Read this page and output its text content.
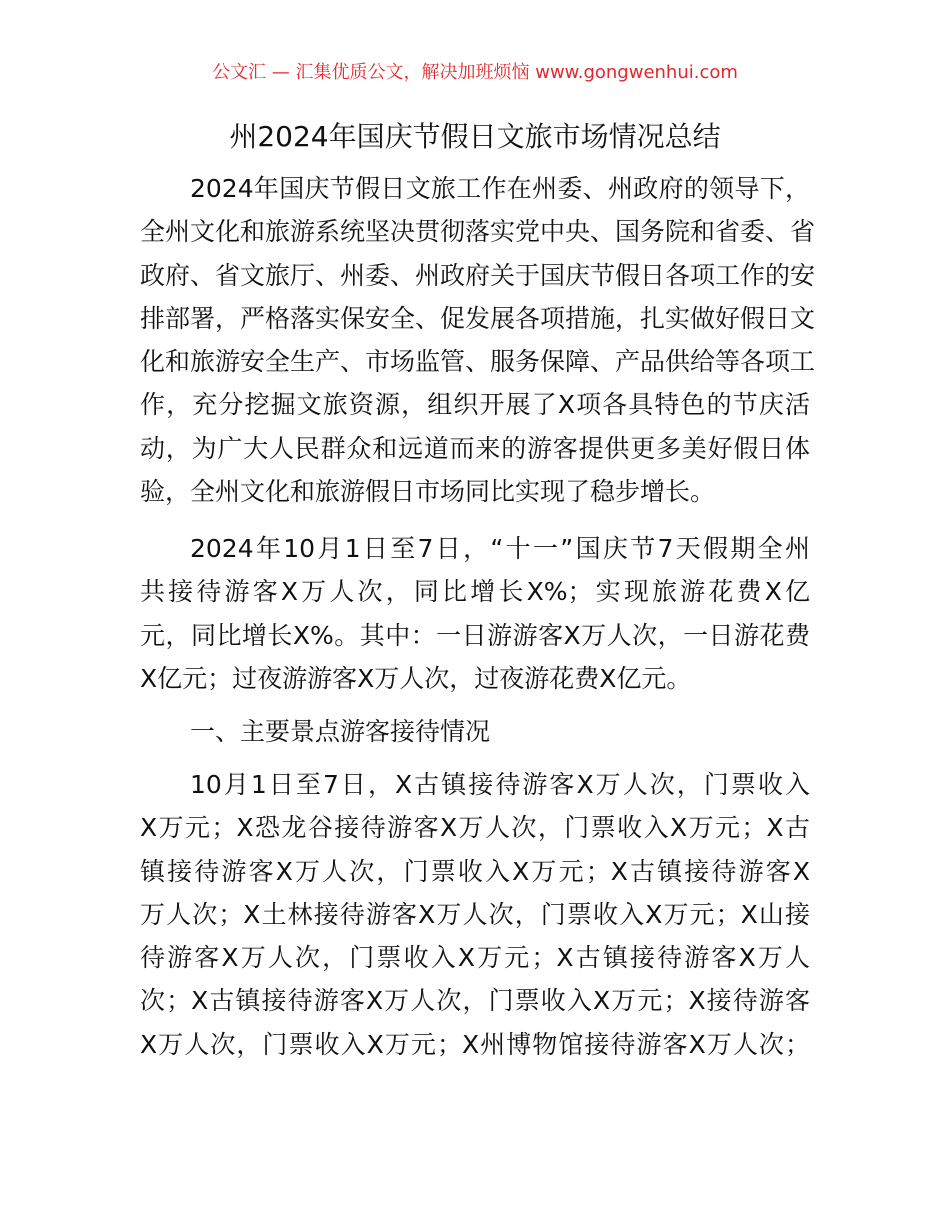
公文汇 — 汇集优质公文，解决加班烦恼 www.gongwenhui.com
州2024年国庆节假日文旅市场情况总结
2024年国庆节假日文旅工作在州委、州政府的领导下，
全州文化和旅游系统坚决贯彻落实党中央、国务院和省委、省
政府、省文旅厅、州委、州政府关于国庆节假日各项工作的安
排部署，严格落实保安全、促发展各项措施，扎实做好假日文
化和旅游安全生产、市场监管、服务保障、产品供给等各项工
作，充分挖掘文旅资源，组织开展了X项各具特色的节庆活
动，为广大人民群众和远道而来的游客提供更多美好假日体
验，全州文化和旅游假日市场同比实现了稳步增长。
2024年10月1日至7日，“十一”国庆节7天假期全州
共接待游客X万人次，同比增长X%；实现旅游花费X亿
元，同比增长X%。其中：一日游游客X万人次，一日游花费
X亿元；过夜游游客X万人次，过夜游花费X亿元。
一、主要景点游客接待情况
10月1日至7日，X古镇接待游客X万人次，门票收入
X万元；X恐龙谷接待游客X万人次，门票收入X万元；X古
镇接待游客X万人次，门票收入X万元；X古镇接待游客X
万人次；X土林接待游客X万人次，门票收入X万元；X山接
待游客X万人次，门票收入X万元；X古镇接待游客X万人
次；X古镇接待游客X万人次，门票收入X万元；X接待游客
X万人次，门票收入X万元；X州博物馆接待游客X万人次；
